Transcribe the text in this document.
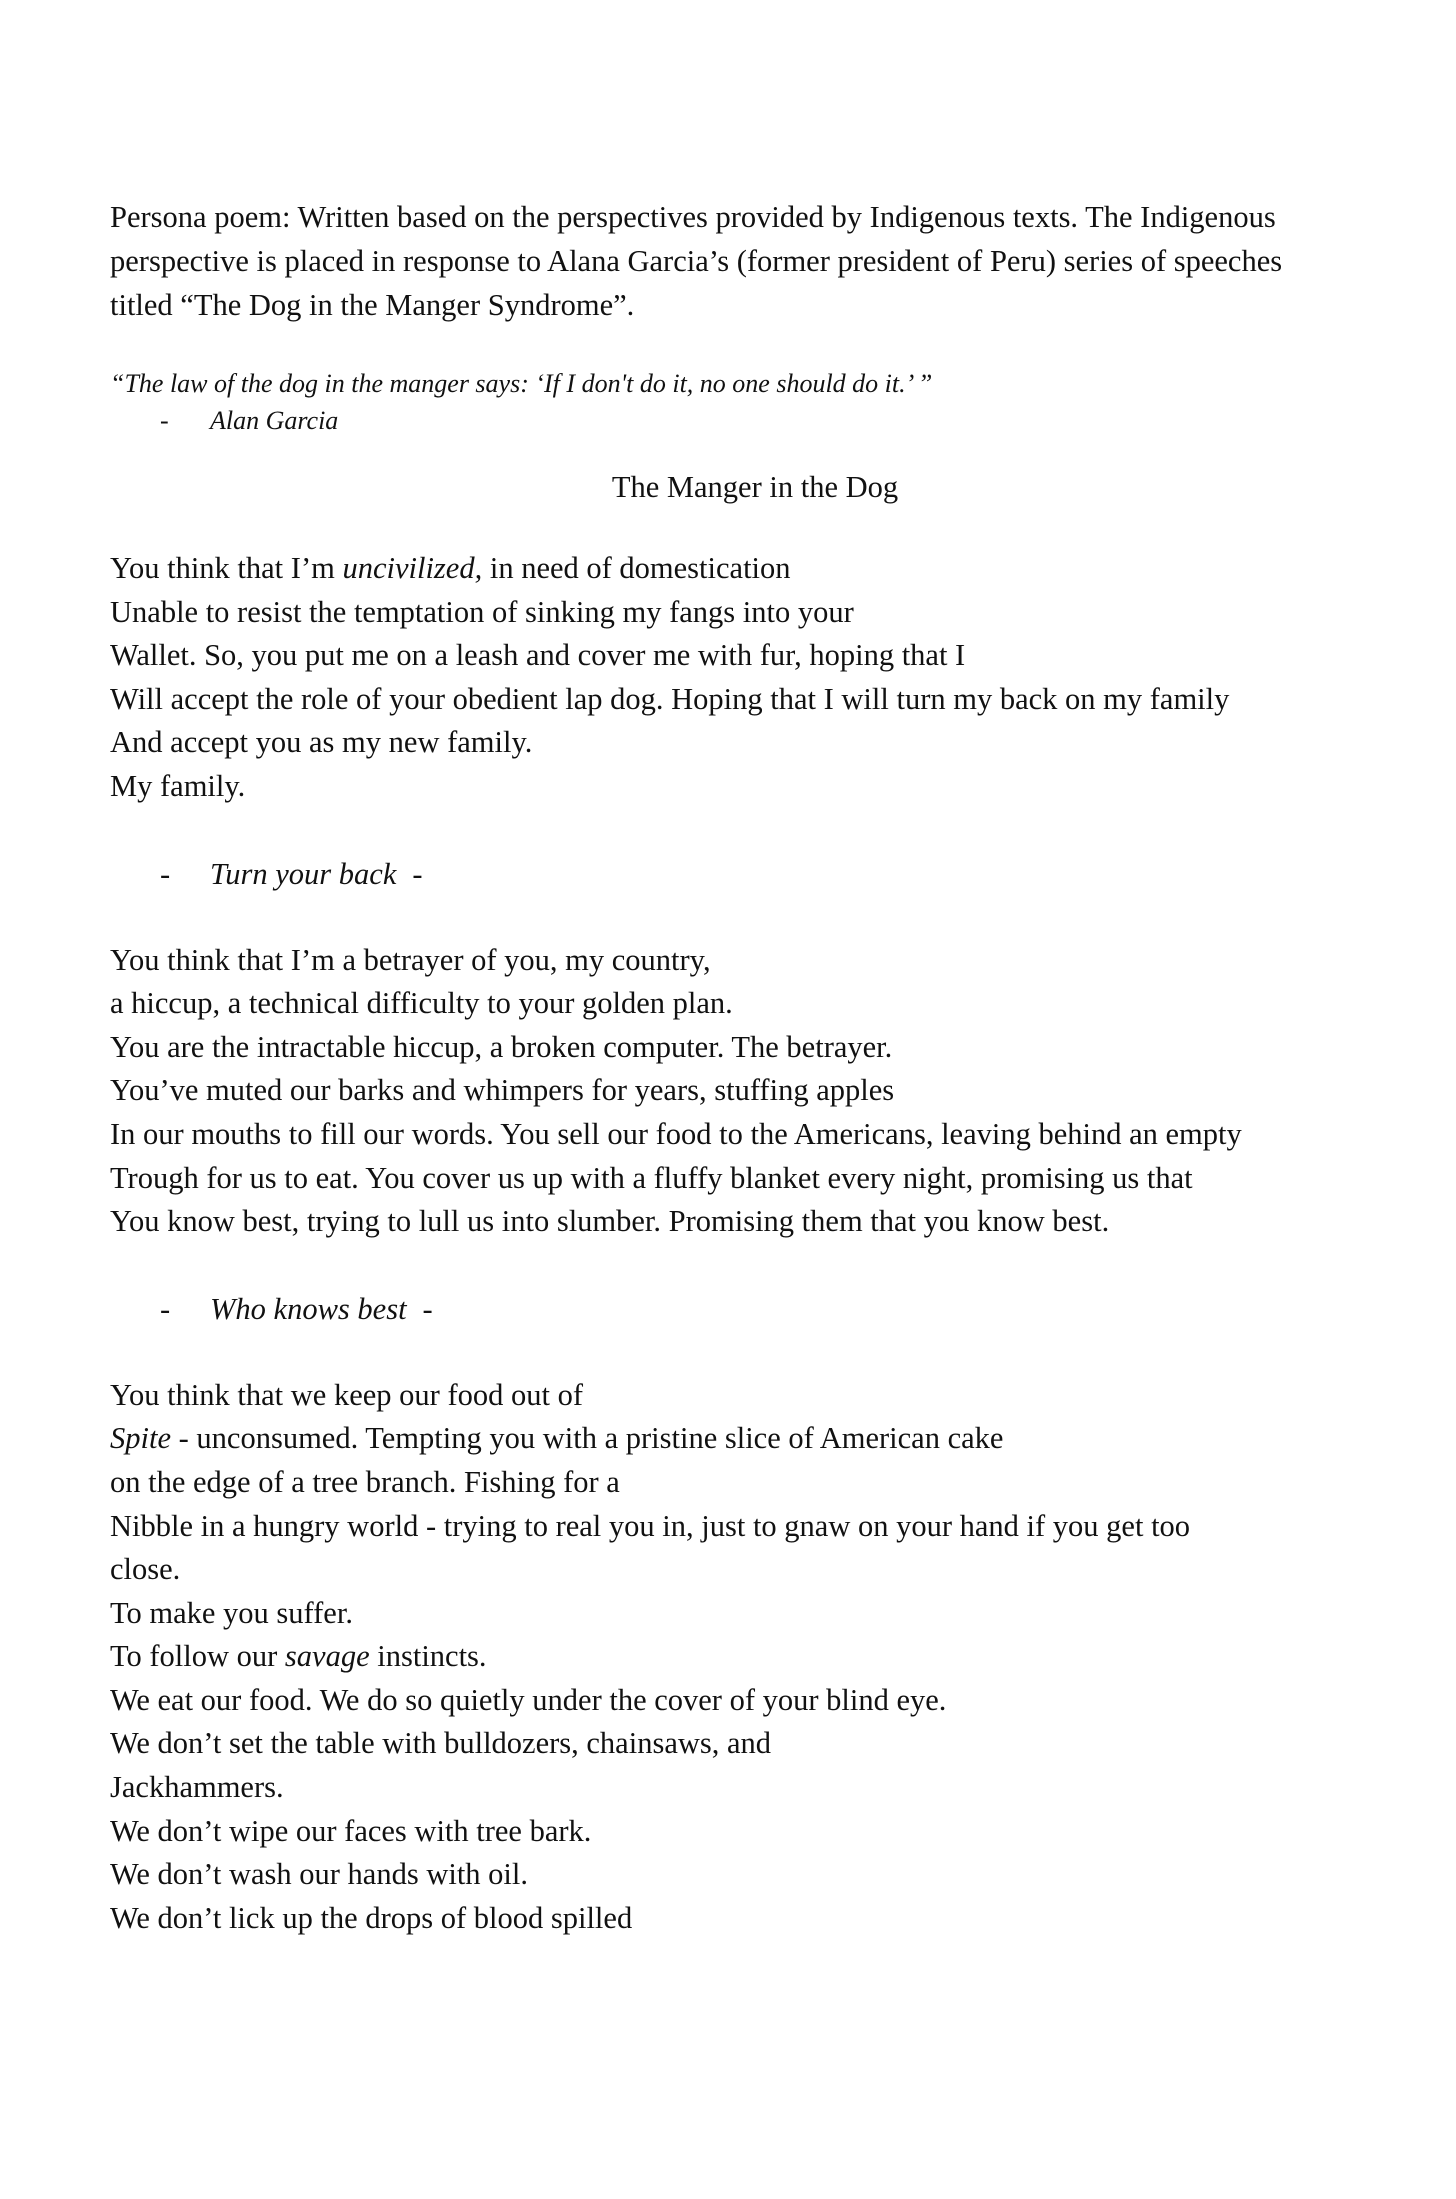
Persona poem: Written based on the perspectives provided by Indigenous texts. The Indigenous

perspective is placed in response to Alana Garcia’s (former president of Peru) series of speeches

titled “The Dog in the Manger Syndrome”.

“The law of the dog in the manger says: ‘If I don't do it, no one should do it.’ ”
-	Alan Garcia
The Manger in the Dog
You think that I’m uncivilized, in need of domestication
Unable to resist the temptation of sinking my fangs into your
Wallet. So, you put me on a leash and cover me with fur, hoping that I
Will accept the role of your obedient lap dog. Hoping that I will turn my back on my family
And accept you as my new family.
My family.
-	Turn your back -
You think that I’m a betrayer of you, my country,
a hiccup, a technical difficulty to your golden plan.
You are the intractable hiccup, a broken computer. The betrayer.
You’ve muted our barks and whimpers for years, stuffing apples
In our mouths to fill our words. You sell our food to the Americans, leaving behind an empty
Trough for us to eat. You cover us up with a fluffy blanket every night, promising us that
You know best, trying to lull us into slumber. Promising them that you know best.
-	Who knows best -
You think that we keep our food out of
Spite - unconsumed. Tempting you with a pristine slice of American cake
on the edge of a tree branch. Fishing for a
Nibble in a hungry world - trying to real you in, just to gnaw on your hand if you get too
close.
To make you suffer.
To follow our savage instincts.
We eat our food. We do so quietly under the cover of your blind eye.
We don’t set the table with bulldozers, chainsaws, and
Jackhammers.
We don’t wipe our faces with tree bark.
We don’t wash our hands with oil.
We don’t lick up the drops of blood spilled
